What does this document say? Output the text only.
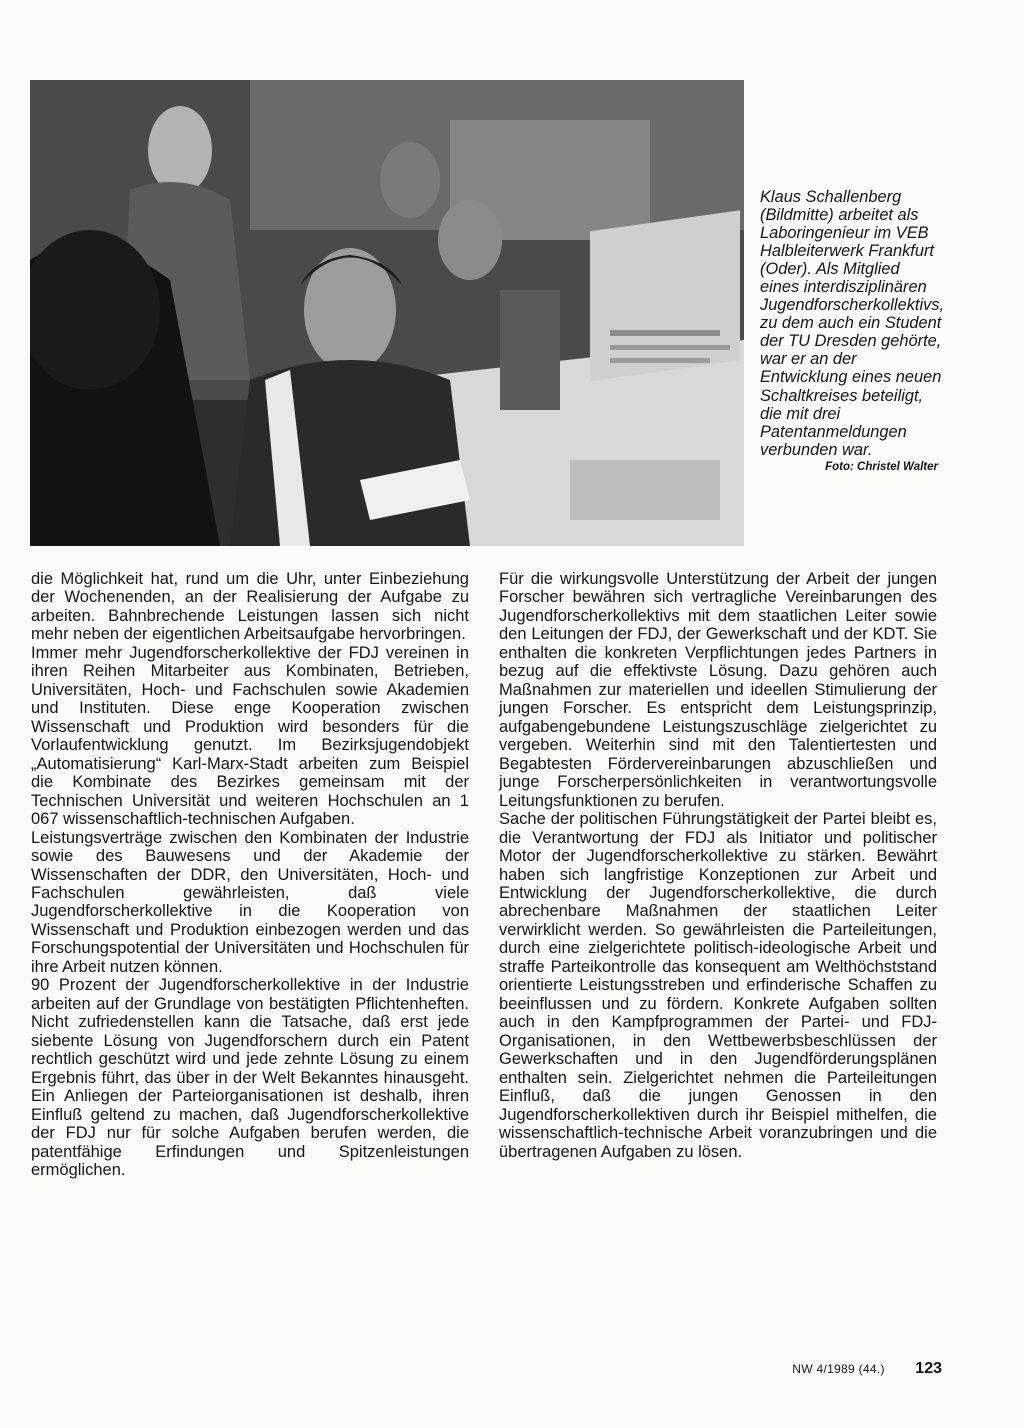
Klaus Schallenberg (Bildmitte) arbeitet als Laboringenieur im VEB Halbleiterwerk Frankfurt (Oder). Als Mitglied eines interdisziplinären Jugendforscherkollektivs, zu dem auch ein Student der TU Dresden gehörte, war er an der Entwicklung eines neuen Schaltkreises beteiligt, die mit drei Patentanmeldungen verbunden war.
Foto: Christel Walter

die Möglichkeit hat, rund um die Uhr, unter Einbeziehung der Wochenenden, an der Realisierung der Aufgabe zu arbeiten. Bahnbrechende Leistungen lassen sich nicht mehr neben der eigentlichen Arbeitsaufgabe hervorbringen.

Immer mehr Jugendforscherkollektive der FDJ vereinen in ihren Reihen Mitarbeiter aus Kombinaten, Betrieben, Universitäten, Hoch- und Fachschulen sowie Akademien und Instituten. Diese enge Kooperation zwischen Wissenschaft und Produktion wird besonders für die Vorlaufentwicklung genutzt. Im Bezirksjugendobjekt „Automatisierung“ Karl-Marx-Stadt arbeiten zum Beispiel die Kombinate des Bezirkes gemeinsam mit der Technischen Universität und weiteren Hochschulen an 1 067 wissenschaftlich-technischen Aufgaben.

Leistungsverträge zwischen den Kombinaten der Industrie sowie des Bauwesens und der Akademie der Wissenschaften der DDR, den Universitäten, Hoch- und Fachschulen gewährleisten, daß viele Jugendforscherkollektive in die Kooperation von Wissenschaft und Produktion einbezogen werden und das Forschungspotential der Universitäten und Hochschulen für ihre Arbeit nutzen können.

90 Prozent der Jugendforscherkollektive in der Industrie arbeiten auf der Grundlage von bestätigten Pflichtenheften. Nicht zufriedenstellen kann die Tatsache, daß erst jede siebente Lösung von Jugendforschern durch ein Patent rechtlich geschützt wird und jede zehnte Lösung zu einem Ergebnis führt, das über in der Welt Bekanntes hinausgeht. Ein Anliegen der Parteiorganisationen ist deshalb, ihren Einfluß geltend zu machen, daß Jugendforscherkollektive der FDJ nur für solche Aufgaben berufen werden, die patentfähige Erfindungen und Spitzenleistungen ermöglichen.

Für die wirkungsvolle Unterstützung der Arbeit der jungen Forscher bewähren sich vertragliche Vereinbarungen des Jugendforscherkollektivs mit dem staatlichen Leiter sowie den Leitungen der FDJ, der Gewerkschaft und der KDT. Sie enthalten die konkreten Verpflichtungen jedes Partners in bezug auf die effektivste Lösung. Dazu gehören auch Maßnahmen zur materiellen und ideellen Stimulierung der jungen Forscher. Es entspricht dem Leistungsprinzip, aufgabengebundene Leistungszuschläge zielgerichtet zu vergeben. Weiterhin sind mit den Talentiertesten und Begabtesten Fördervereinbarungen abzuschließen und junge Forscherpersönlichkeiten in verantwortungsvolle Leitungsfunktionen zu berufen.

Sache der politischen Führungstätigkeit der Partei bleibt es, die Verantwortung der FDJ als Initiator und politischer Motor der Jugendforscherkollektive zu stärken. Bewährt haben sich langfristige Konzeptionen zur Arbeit und Entwicklung der Jugendforscherkollektive, die durch abrechenbare Maßnahmen der staatlichen Leiter verwirklicht werden. So gewährleisten die Parteileitungen, durch eine zielgerichtete politisch-ideologische Arbeit und straffe Parteikontrolle das konsequent am Welthöchststand orientierte Leistungsstreben und erfinderische Schaffen zu beeinflussen und zu fördern. Konkrete Aufgaben sollten auch in den Kampfprogrammen der Partei- und FDJ-Organisationen, in den Wettbewerbsbeschlüssen der Gewerkschaften und in den Jugendförderungsplänen enthalten sein. Zielgerichtet nehmen die Parteileitungen Einfluß, daß die jungen Genossen in den Jugendforscherkollektiven durch ihr Beispiel mithelfen, die wissenschaftlich-technische Arbeit voranzubringen und die übertragenen Aufgaben zu lösen.

NW 4/1989 (44.) 123
